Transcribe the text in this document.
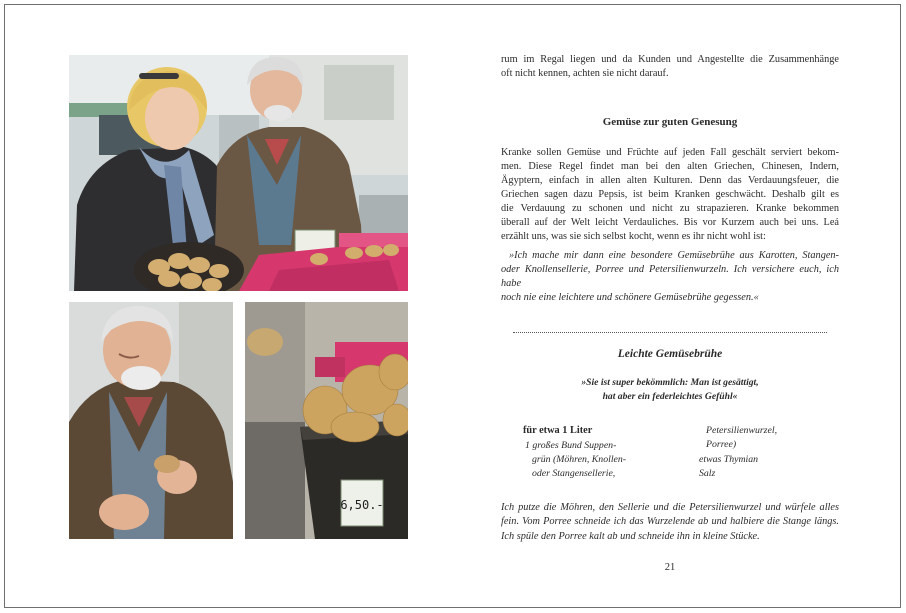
6,50.-
rum im Regal liegen und da Kunden und Angestellte die Zusammenhänge
oft nicht kennen, achten sie nicht darauf.
Gemüse zur guten Genesung
Kranke sollen Gemüse und Früchte auf jeden Fall geschält serviert bekom-
men. Diese Regel findet man bei den alten Griechen, Chinesen, Indern,
Ägyptern, einfach in allen alten Kulturen. Denn das Verdauungsfeuer, die
Griechen sagen dazu Pepsis, ist beim Kranken geschwächt. Deshalb gilt es
die Verdauung zu schonen und nicht zu strapazieren. Kranke bekommen
überall auf der Welt leicht Verdauliches. Bis vor Kurzem auch bei uns. Leá
erzählt uns, was sie sich selbst kocht, wenn es ihr nicht wohl ist:
»Ich mache mir dann eine besondere Gemüsebrühe aus Karotten, Stangen-
oder Knollensellerie, Porree und Petersilienwurzeln. Ich versichere euch, ich habe
noch nie eine leichtere und schönere Gemüsebrühe gegessen.«
Leichte Gemüsebrühe
»Sie ist super bekömmlich: Man ist gesättigt,
hat aber ein federleichtes Gefühl«
für etwa 1 Liter
1 großes Bund Suppen-
grün (Möhren, Knollen-
oder Stangensellerie,
Petersilienwurzel,
Porree)
etwas Thymian
Salz
Ich putze die Möhren, den Sellerie und die Petersilienwurzel und würfele alles
fein. Vom Porree schneide ich das Wurzelende ab und halbiere die Stange längs.
Ich spüle den Porree kalt ab und schneide ihn in kleine Stücke.
21
